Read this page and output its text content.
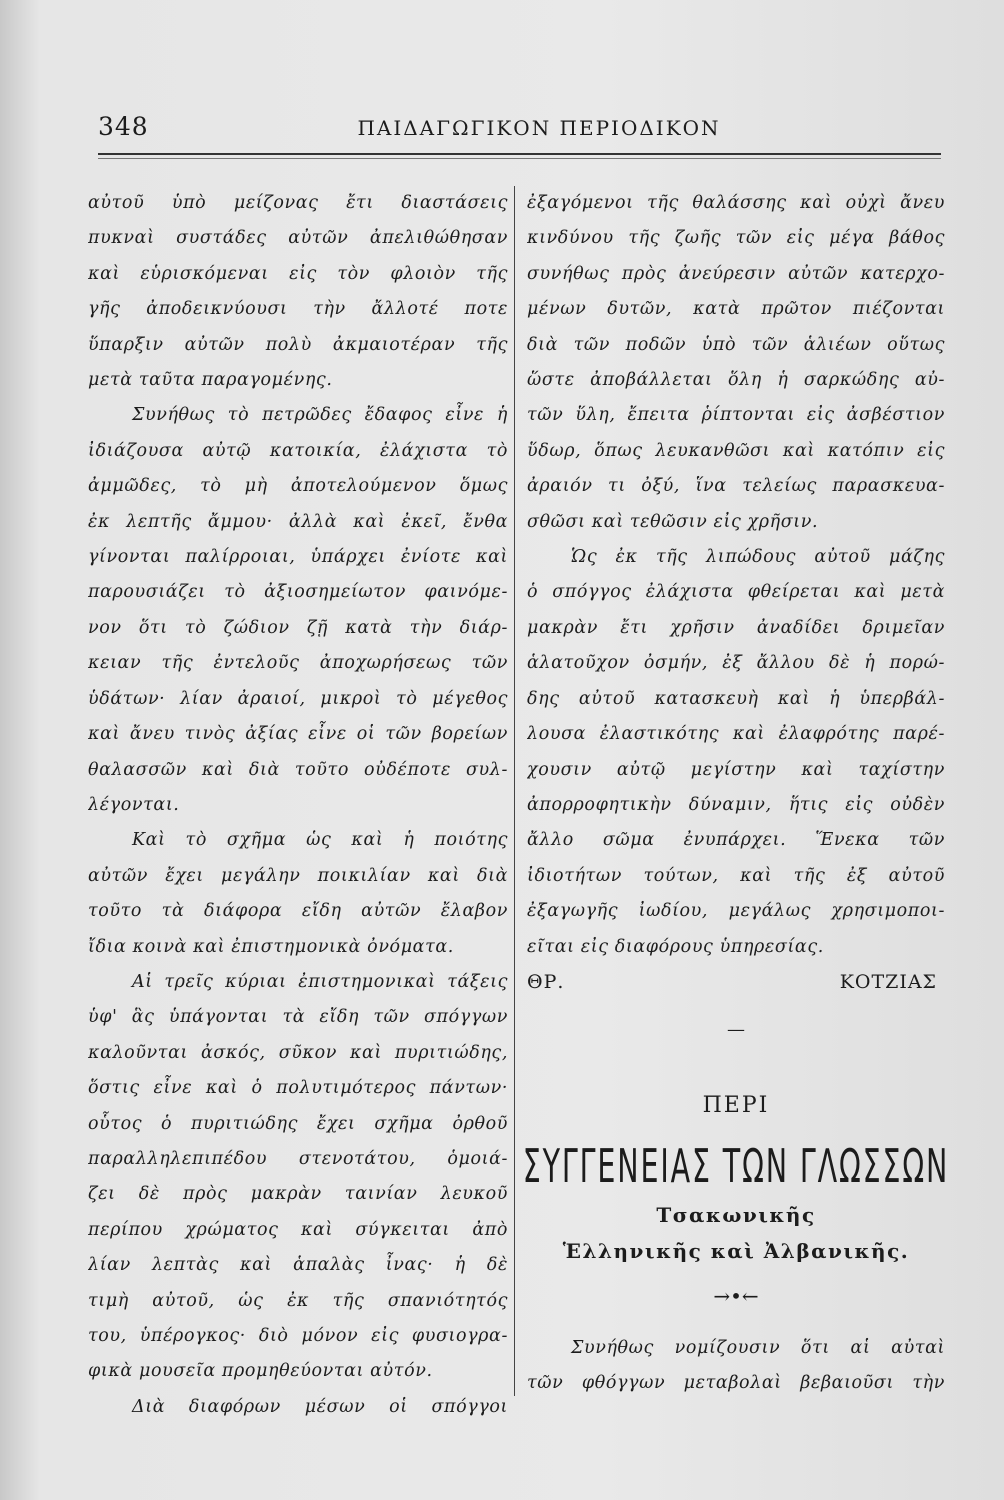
348	ΠΑΙΔΑΓΩΓΙΚΟΝ ΠΕΡΙΟΔΙΚΟΝ
αὐτοῦ ὑπὸ μείζονας ἔτι διαστάσεις
πυκναὶ συστάδες αὐτῶν ἀπελιθώθησαν
καὶ εὑρισκόμεναι εἰς τὸν φλοιὸν τῆς
γῆς ἀποδεικνύουσι τὴν ἄλλοτέ ποτε
ὕπαρξιν αὐτῶν πολὺ ἀκμαιοτέραν τῆς
μετὰ ταῦτα παραγομένης.
Συνήθως τὸ πετρῶδες ἔδαφος εἶνε ἡ
ἰδιάζουσα αὐτῷ κατοικία, ἐλάχιστα τὸ
ἀμμῶδες, τὸ μὴ ἀποτελούμενον ὅμως
ἐκ λεπτῆς ἄμμου· ἀλλὰ καὶ ἐκεῖ, ἔνθα
γίνονται παλίρροιαι, ὑπάρχει ἐνίοτε καὶ
παρουσιάζει τὸ ἀξιοσημείωτον φαινόμε-
νον ὅτι τὸ ζώδιον ζῇ κατὰ τὴν διάρ-
κειαν τῆς ἐντελοῦς ἀποχωρήσεως τῶν
ὑδάτων· λίαν ἀραιοί, μικροὶ τὸ μέγεθος
καὶ ἄνευ τινὸς ἀξίας εἶνε οἱ τῶν βορείων
θαλασσῶν καὶ διὰ τοῦτο οὐδέποτε συλ-
λέγονται.
Καὶ τὸ σχῆμα ὡς καὶ ἡ ποιότης
αὐτῶν ἔχει μεγάλην ποικιλίαν καὶ διὰ
τοῦτο τὰ διάφορα εἴδη αὐτῶν ἔλαβον
ἴδια κοινὰ καὶ ἐπιστημονικὰ ὀνόματα.
Αἱ τρεῖς κύριαι ἐπιστημονικαὶ τάξεις
ὑφ' ἃς ὑπάγονται τὰ εἴδη τῶν σπόγγων
καλοῦνται ἀσκός, σῦκον καὶ πυριτιώδης,
ὅστις εἶνε καὶ ὁ πολυτιμότερος πάντων·
οὗτος ὁ πυριτιώδης ἔχει σχῆμα ὀρθοῦ
παραλληλεπιπέδου στενοτάτου, ὁμοιά-
ζει δὲ πρὸς μακρὰν ταινίαν λευκοῦ
περίπου χρώματος καὶ σύγκειται ἀπὸ
λίαν λεπτὰς καὶ ἁπαλὰς ἶνας· ἡ δὲ
τιμὴ αὐτοῦ, ὡς ἐκ τῆς σπανιότητός
του, ὑπέρογκος· διὸ μόνον εἰς φυσιογρα-
φικὰ μουσεῖα προμηθεύονται αὐτόν.
Διὰ διαφόρων μέσων οἱ σπόγγοι
ἐξαγόμενοι τῆς θαλάσσης καὶ οὐχὶ ἄνευ
κινδύνου τῆς ζωῆς τῶν εἰς μέγα βάθος
συνήθως πρὸς ἀνεύρεσιν αὐτῶν κατερχο-
μένων δυτῶν, κατὰ πρῶτον πιέζονται
διὰ τῶν ποδῶν ὑπὸ τῶν ἁλιέων οὕτως
ὥστε ἀποβάλλεται ὅλη ἡ σαρκώδης αὐ-
τῶν ὕλη, ἔπειτα ῥίπτονται εἰς ἀσβέστιον
ὕδωρ, ὅπως λευκανθῶσι καὶ κατόπιν εἰς
ἀραιόν τι ὀξύ, ἵνα τελείως παρασκευα-
σθῶσι καὶ τεθῶσιν εἰς χρῆσιν.
Ὡς ἐκ τῆς λιπώδους αὐτοῦ μάζης
ὁ σπόγγος ἐλάχιστα φθείρεται καὶ μετὰ
μακρὰν ἔτι χρῆσιν ἀναδίδει δριμεῖαν
ἁλατοῦχον ὀσμήν, ἐξ ἄλλου δὲ ἡ πορώ-
δης αὐτοῦ κατασκευὴ καὶ ἡ ὑπερβάλ-
λουσα ἐλαστικότης καὶ ἐλαφρότης παρέ-
χουσιν αὐτῷ μεγίστην καὶ ταχίστην
ἀπορροφητικὴν δύναμιν, ἥτις εἰς οὐδὲν
ἄλλο σῶμα ἐνυπάρχει. Ἕνεκα τῶν
ἰδιοτήτων τούτων, καὶ τῆς ἐξ αὐτοῦ
ἐξαγωγῆς ἰωδίου, μεγάλως χρησιμοποι-
εῖται εἰς διαφόρους ὑπηρεσίας.
ΘΡ. ΚΟΤΖΙΑΣ
—
ΠΕΡΙ
ΣΥΓΓΕΝΕΙΑΣ ΤΩΝ ΓΛΩΣΣΩΝ
Τσακωνικῆς
Ἑλληνικῆς καὶ Ἀλβανικῆς.
→•←
Συνήθως νομίζουσιν ὅτι αἱ αὐταὶ
τῶν φθόγγων μεταβολαὶ βεβαιοῦσι τὴν
